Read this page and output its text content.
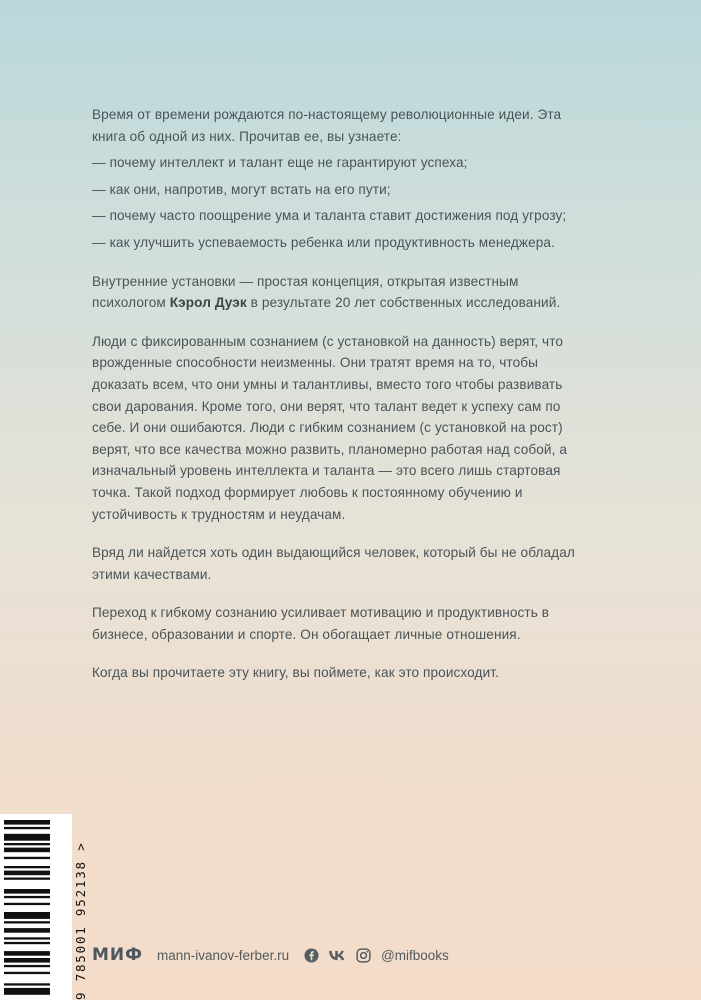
Время от времени рождаются по-настоящему революционные идеи. Эта книга об одной из них. Прочитав ее, вы узнаете:

— почему интеллект и талант еще не гарантируют успеха;

— как они, напротив, могут встать на его пути;

— почему часто поощрение ума и таланта ставит достижения под угрозу;

— как улучшить успеваемость ребенка или продуктивность менеджера.

Внутренние установки — простая концепция, открытая известным психологом Кэрол Дуэк в результате 20 лет собственных исследований.

Люди с фиксированным сознанием (с установкой на данность) верят, что врожденные способности неизменны. Они тратят время на то, чтобы доказать всем, что они умны и талантливы, вместо того чтобы развивать свои дарования. Кроме того, они верят, что талант ведет к успеху сам по себе. И они ошибаются. Люди с гибким сознанием (с установкой на рост) верят, что все качества можно развить, планомерно работая над собой, а изначальный уровень интеллекта и таланта — это всего лишь стартовая точка. Такой подход формирует любовь к постоянному обучению и устойчивость к трудностям и неудачам.

Вряд ли найдется хоть один выдающийся человек, который бы не обладал этими качествами.

Переход к гибкому сознанию усиливает мотивацию и продуктивность в бизнесе, образовании и спорте. Он обогащает личные отношения.

Когда вы прочитаете эту книгу, вы поймете, как это происходит.

9 785001 952138 > МИФ mann-ivanov-ferber.ru	@mifbooks
